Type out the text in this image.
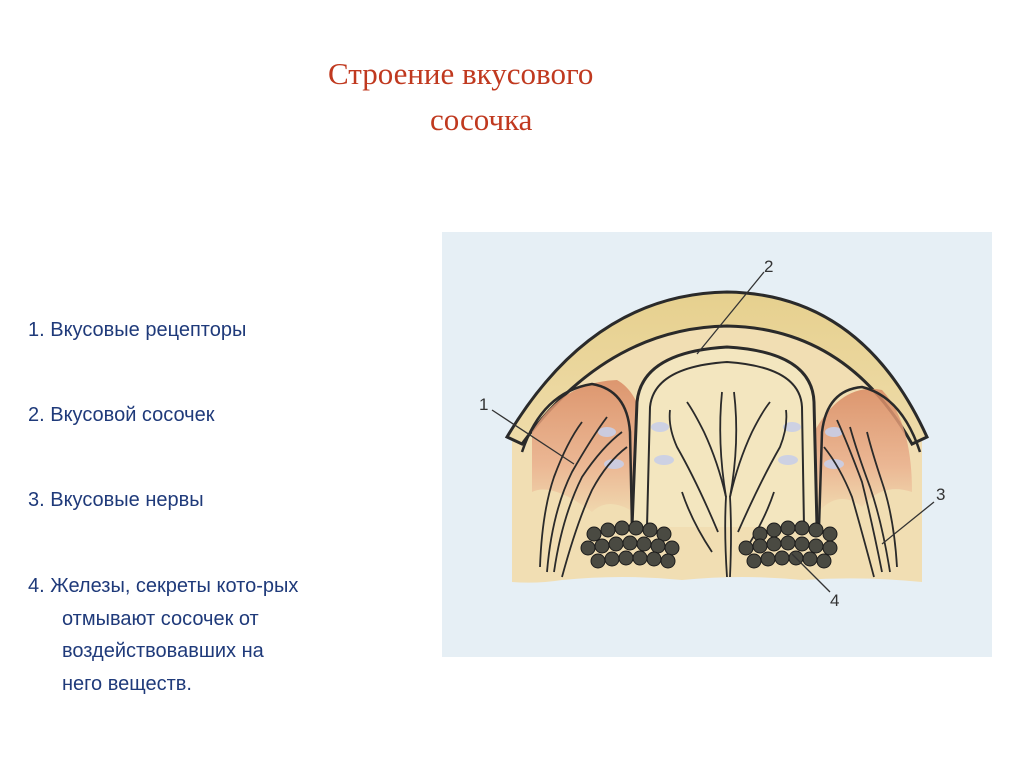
Строение вкусового
сосочка
1. Вкусовые рецепторы
2. Вкусовой сосочек
3. Вкусовые нервы
4. Железы, секреты кото-рых
отмывают сосочек от
воздействовавших на
него веществ.
1
2
3
4
